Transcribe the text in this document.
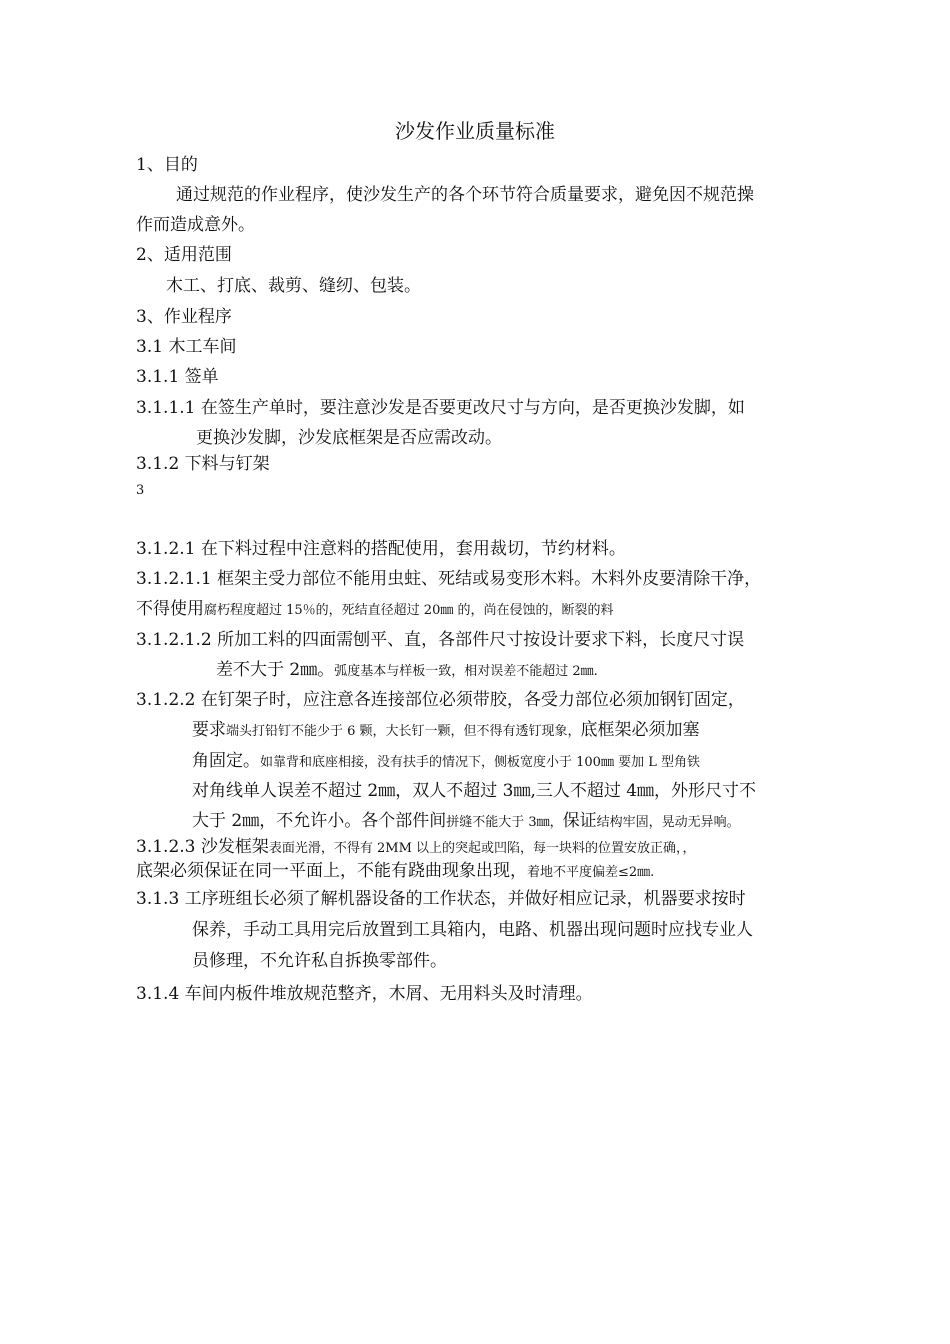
沙发作业质量标准
1、目的
通过规范的作业程序，使沙发生产的各个环节符合质量要求，避免因不规范操
作而造成意外。
2、适用范围
木工、打底、裁剪、缝纫、包装。
3、作业程序
3.1 木工车间
3.1.1 签单
3.1.1.1 在签生产单时，要注意沙发是否要更改尺寸与方向，是否更换沙发脚，如
更换沙发脚，沙发底框架是否应需改动。
3.1.2 下料与钉架
3
3.1.2.1 在下料过程中注意料的搭配使用，套用裁切，节约材料。
3.1.2.1.1 框架主受力部位不能用虫蛀、死结或易变形木料。木料外皮要清除干净，
不得使用腐朽程度超过 15％的，死结直径超过 20㎜ 的，尚在侵蚀的，断裂的料
3.1.2.1.2 所加工料的四面需刨平、直，各部件尺寸按设计要求下料，长度尺寸误
差不大于 2㎜。弧度基本与样板一致，相对误差不能超过 2㎜.
3.1.2.2 在钉架子时，应注意各连接部位必须带胶，各受力部位必须加钢钉固定，
要求端头打铅钉不能少于 6 颗，大长钉一颗，但不得有透钉现象，底框架必须加塞
角固定。如靠背和底座相接，没有扶手的情况下，侧板宽度小于 100㎜ 要加 L 型角铁
对角线单人误差不超过 2㎜，双人不超过 3㎜,三人不超过 4㎜，外形尺寸不
大于 2㎜，不允许小。各个部件间拼缝不能大于 3㎜，保证结构牢固，晃动无异响。
3.1.2.3 沙发框架表面光滑，不得有 2MM 以上的突起或凹陷，每一块料的位置安放正确，，
底架必须保证在同一平面上，不能有跷曲现象出现，着地不平度偏差≤2㎜.
3.1.3 工序班组长必须了解机器设备的工作状态，并做好相应记录，机器要求按时
保养，手动工具用完后放置到工具箱内，电路、机器出现问题时应找专业人
员修理，不允许私自拆换零部件。
3.1.4 车间内板件堆放规范整齐，木屑、无用料头及时清理。
